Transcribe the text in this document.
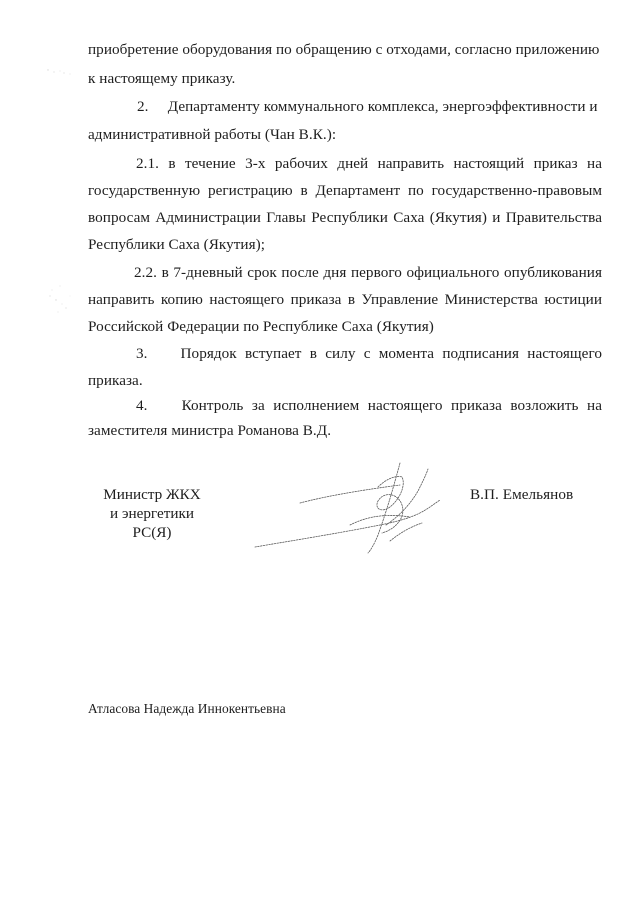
приобретение оборудования по обращению с отходами, согласно приложению
к настоящему приказу.
2.     Департаменту коммунального комплекса, энергоэффективности и
административной работы (Чан В.К.):
2.1. в течение 3-х рабочих дней направить настоящий приказ на
государственную регистрацию в Департамент по государственно-правовым
вопросам Администрации Главы Республики Саха (Якутия) и Правительства
Республики Саха (Якутия);
2.2. в 7-дневный срок после дня первого официального опубликования
направить копию настоящего приказа в Управление Министерства юстиции
Российской Федерации по Республике Саха (Якутия)
3.    Порядок вступает в силу с момента подписания настоящего
приказа.
4.    Контроль за исполнением настоящего приказа возложить на
заместителя министра Романова В.Д.
Министр ЖКХ
и энергетики
РС(Я)
В.П. Емельянов
Атласова Надежда Иннокентьевна
